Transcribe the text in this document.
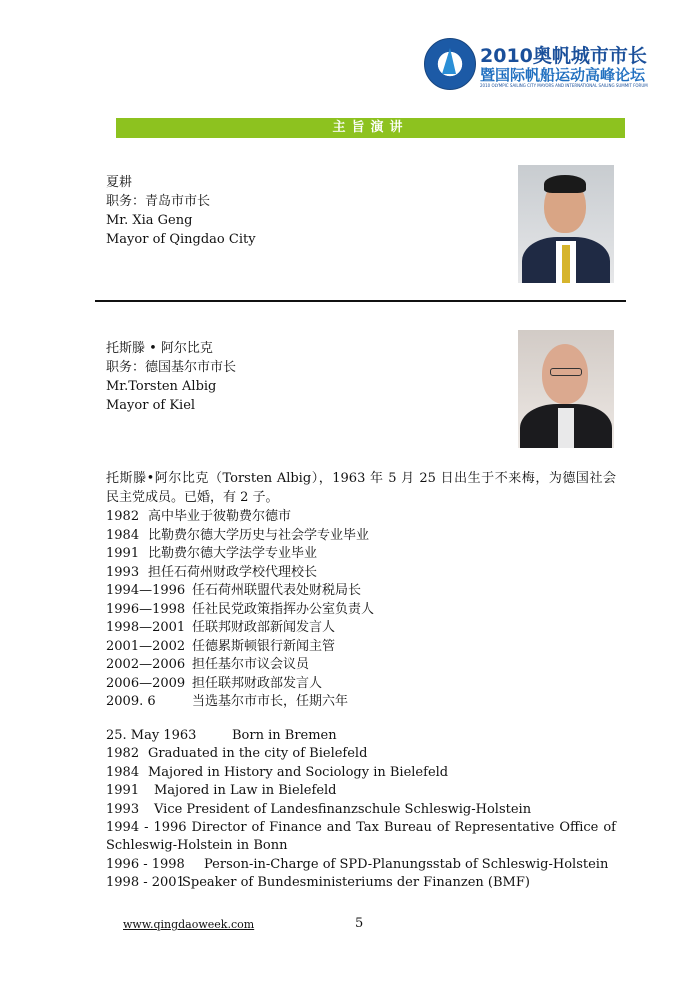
2010奥帆城市市长
暨国际帆船运动高峰论坛
2010 OLYMPIC SAILING CITY MAYORS AND INTERNATIONAL SAILING SUMMIT FORUM
主旨演讲
夏耕
职务：青岛市市长
Mr. Xia Geng
Mayor of Qingdao City
托斯滕 • 阿尔比克
职务：德国基尔市市长
Mr.Torsten Albig
Mayor of Kiel
托斯滕•阿尔比克（Torsten Albig），1963 年 5 月 25 日出生于不来梅，为德国社会
民主党成员。已婚，有 2 子。
1982 高中毕业于彼勒费尔德市
1984 比勒费尔德大学历史与社会学专业毕业
1991 比勒费尔德大学法学专业毕业
1993 担任石荷州财政学校代理校长
1994—1996 任石荷州联盟代表处财税局长
1996—1998 任社民党政策指挥办公室负责人
1998—2001 任联邦财政部新闻发言人
2001—2002 任德累斯顿银行新闻主管
2002—2006 担任基尔市议会议员
2006—2009 担任联邦财政部发言人
2009. 6	当选基尔市市长，任期六年
25. May 1963	Born in Bremen
1982 Graduated in the city of Bielefeld
1984 Majored in History and Sociology in Bielefeld
1991 Majored in Law in Bielefeld
1993 Vice President of Landesfinanzschule Schleswig-Holstein
1994 - 1996 Director of Finance and Tax Bureau of Representative Office of
Schleswig-Holstein in Bonn
1996 - 1998 Person-in-Charge of SPD-Planungsstab of Schleswig-Holstein
1998 - 2001Speaker of Bundesministeriums der Finanzen (BMF)
www.qingdaoweek.com	5
